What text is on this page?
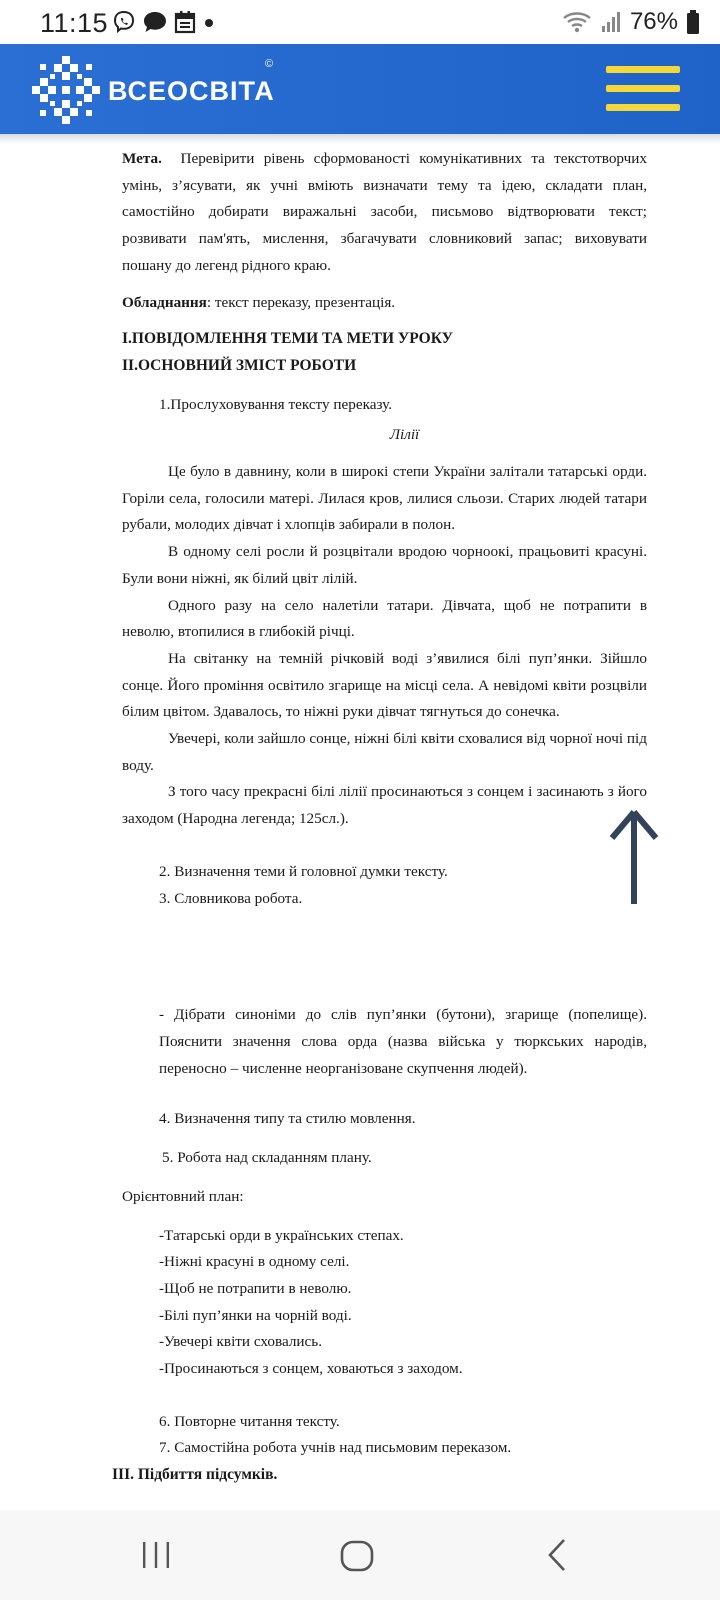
11:15	76%
ВСЕОСВІТА
©

Мета. Перевірити рівень сформованості комунікативних та текстотворчих умінь, з’ясувати, як учні вміють визначати тему та ідею, складати план, самостійно добирати виражальні засоби, письмово відтворювати текст; розвивати пам'ять, мислення, збагачувати словниковий запас; виховувати пошану до легенд рідного краю.

Обладнання: текст переказу, презентація.

І.ПОВІДОМЛЕННЯ ТЕМИ ТА МЕТИ УРОКУ

ІІ.ОСНОВНИЙ ЗМІСТ РОБОТИ

1.Прослуховування тексту переказу.

Лілії

Це було в давнину, коли в широкі степи України залітали татарські орди. Горіли села, голосили матері. Лилася кров, лилися сльози. Старих людей татари рубали, молодих дівчат і хлопців забирали в полон.

В одному селі росли й розцвітали вродою чорноокі, працьовиті красуні. Були вони ніжні, як білий цвіт лілій.

Одного разу на село налетіли татари. Дівчата, щоб не потрапити в неволю, втопилися в глибокій річці.

На світанку на темній річковій воді з’явилися білі пуп’янки. Зійшло сонце. Його проміння освітило згарище на місці села. А невідомі квіти розцвіли білим цвітом. Здавалось, то ніжні руки дівчат тягнуться до сонечка.

Увечері, коли зайшло сонце, ніжні білі квіти сховалися від чорної ночі під воду.

З того часу прекрасні білі лілії просинаються з сонцем і засинають з його заходом (Народна легенда; 125сл.).

2. Визначення теми й головної думки тексту.

3. Словникова робота.

- Дібрати синоніми до слів пуп’янки (бутони), згарище (попелище). Пояснити значення слова орда (назва війська у тюркських народів, переносно – численне неорганізоване скупчення людей).

4. Визначення типу та стилю мовлення.

5. Робота над складанням плану.

Орієнтовний план:

-Татарські орди в українських степах.

-Ніжні красуні в одному селі.

-Щоб не потрапити в неволю.

-Білі пуп’янки на чорній воді.

-Увечері квіти сховались.

-Просинаються з сонцем, ховаються з заходом.

6. Повторне читання тексту.

7. Самостійна робота учнів над письмовим переказом.

ІІІ. Підбиття підсумків.
